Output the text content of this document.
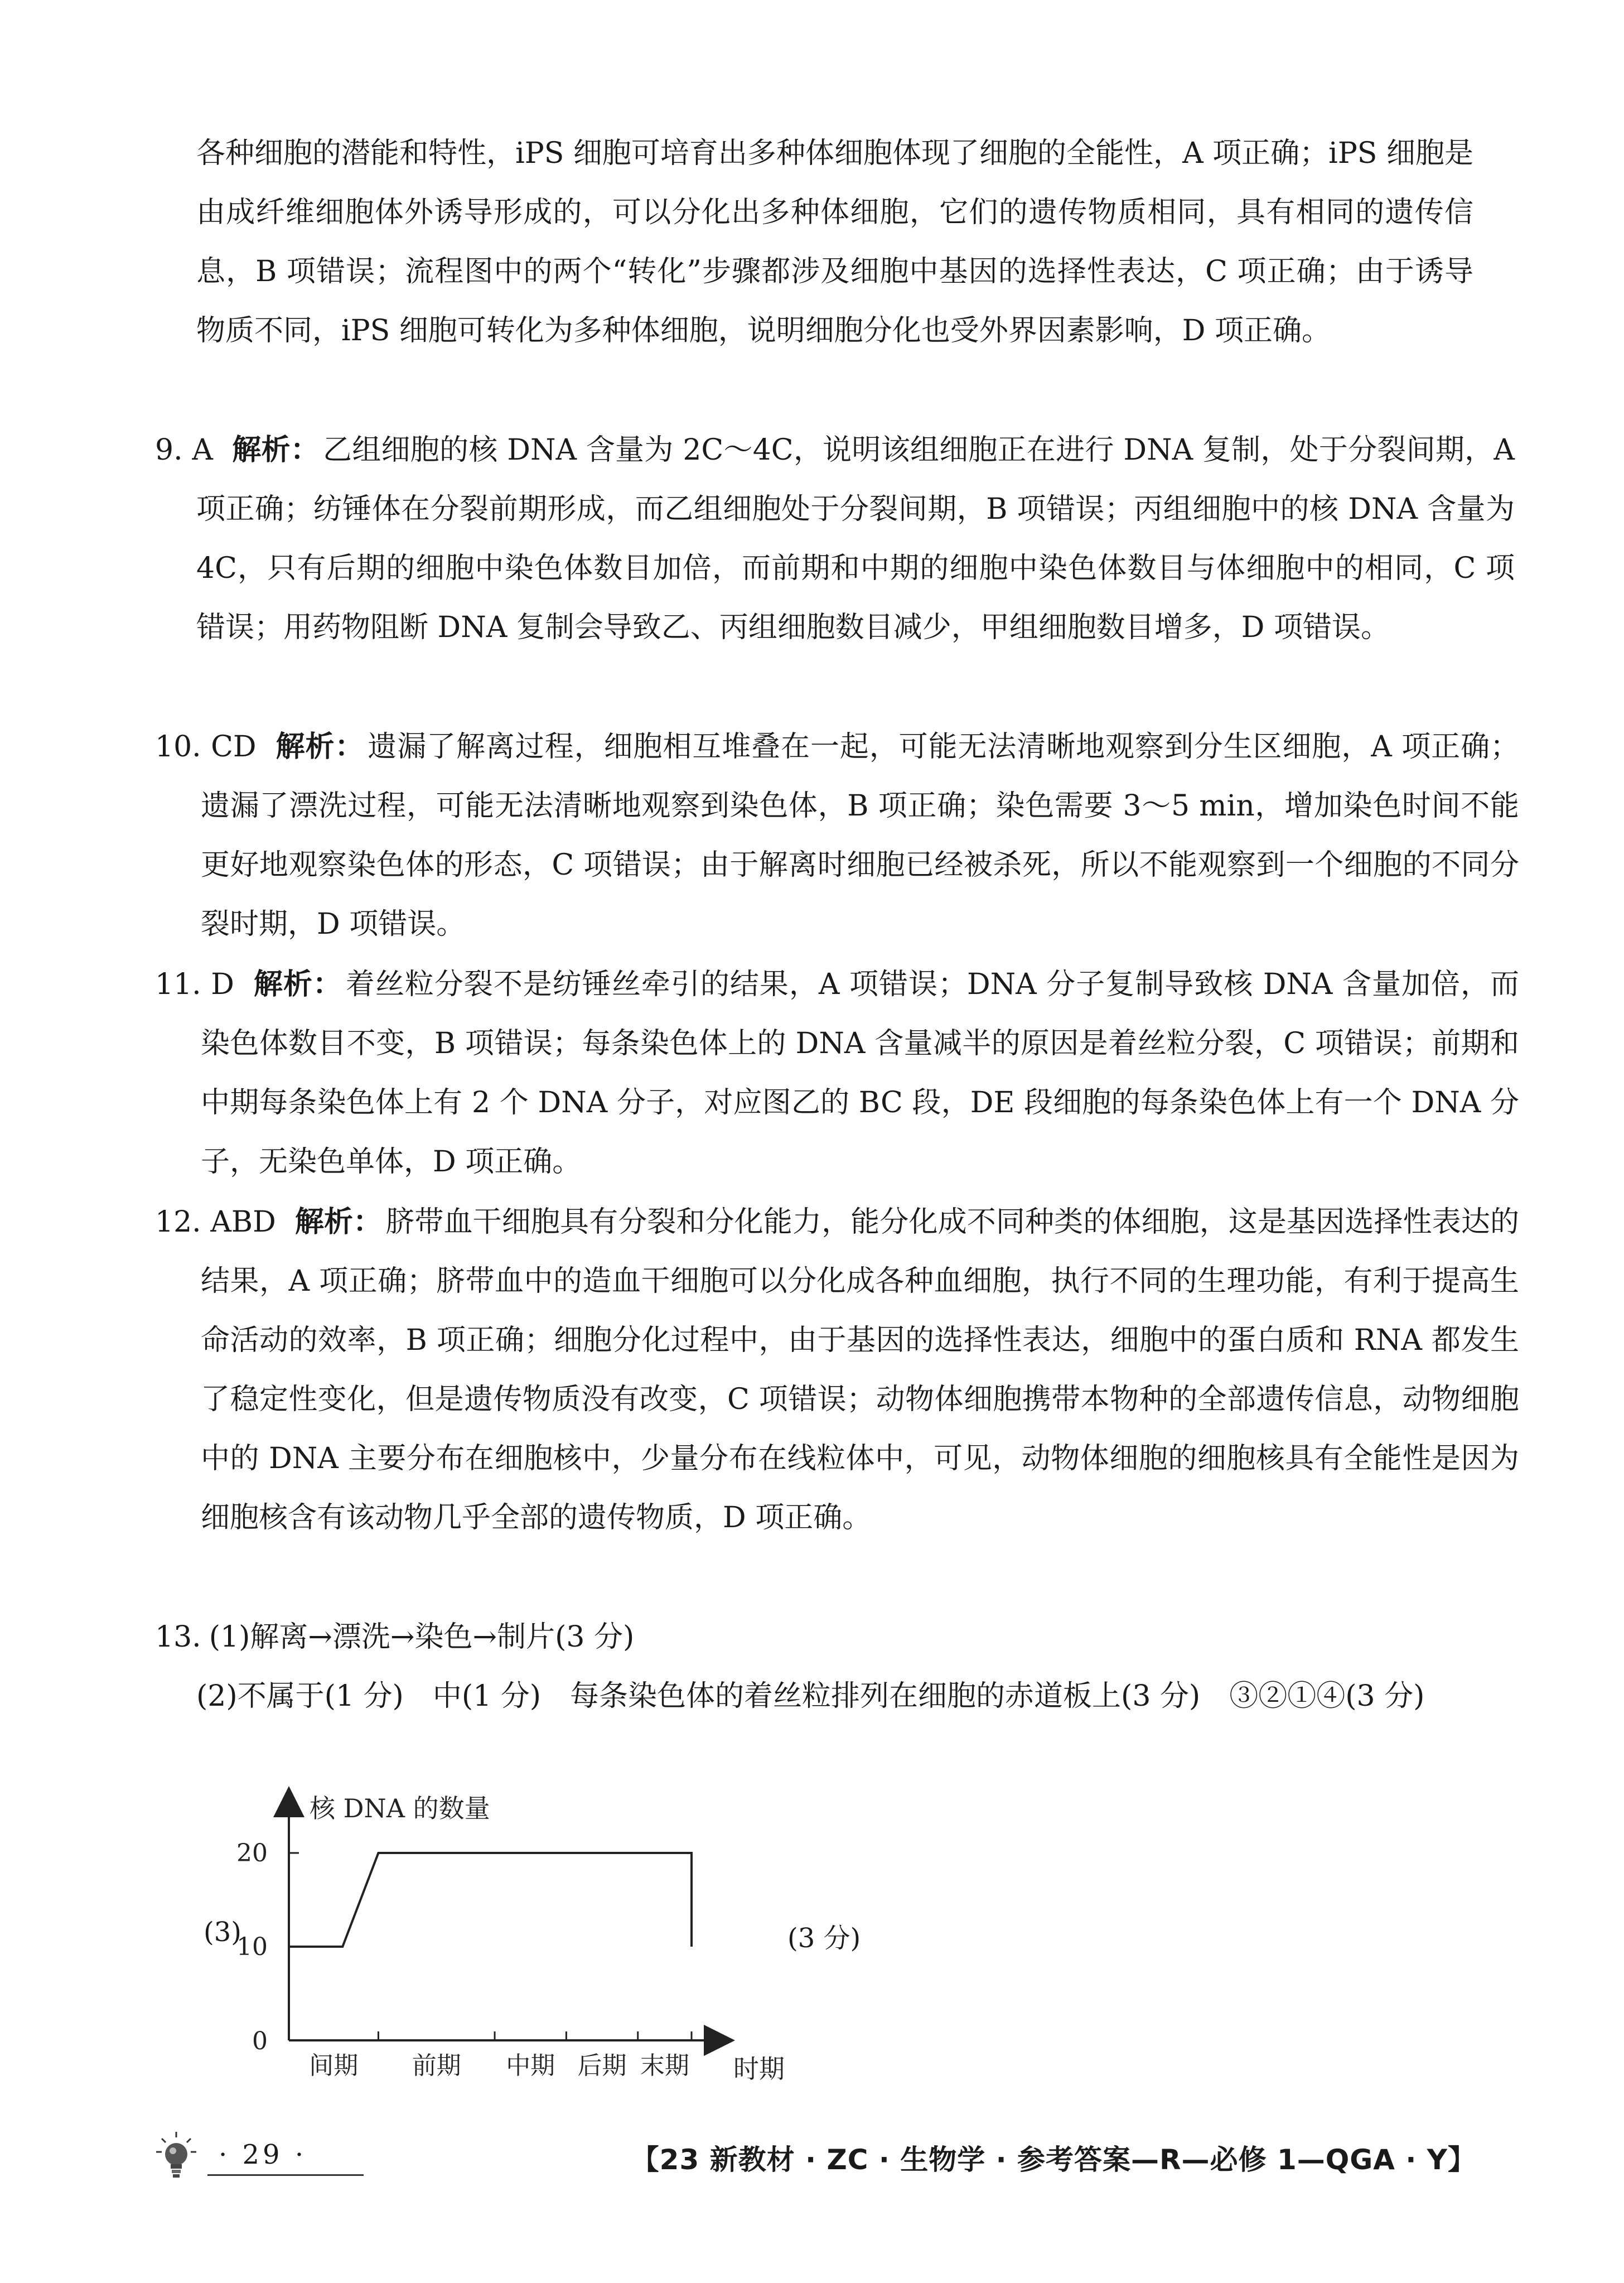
各种细胞的潜能和特性，iPS 细胞可培育出多种体细胞体现了细胞的全能性，A 项正确；iPS 细胞是由成纤维细胞体外诱导形成的，可以分化出多种体细胞，它们的遗传物质相同，具有相同的遗传信息，B 项错误；流程图中的两个“转化”步骤都涉及细胞中基因的选择性表达，C 项正确；由于诱导物质不同，iPS 细胞可转化为多种体细胞，说明细胞分化也受外界因素影响，D 项正确。

9. A 解析： 乙组细胞的核 DNA 含量为 2C～4C，说明该组细胞正在进行 DNA 复制，处于分裂间期，A 项正确；纺锤体在分裂前期形成，而乙组细胞处于分裂间期，B 项错误；丙组细胞中的核 DNA 含量为 4C，只有后期的细胞中染色体数目加倍，而前期和中期的细胞中染色体数目与体细胞中的相同，C 项错误；用药物阻断 DNA 复制会导致乙、丙组细胞数目减少，甲组细胞数目增多，D 项错误。

10. CD 解析： 遗漏了解离过程，细胞相互堆叠在一起，可能无法清晰地观察到分生区细胞，A 项正确；遗漏了漂洗过程，可能无法清晰地观察到染色体，B 项正确；染色需要 3～5 min，增加染色时间不能更好地观察染色体的形态，C 项错误；由于解离时细胞已经被杀死，所以不能观察到一个细胞的不同分裂时期，D 项错误。

11. D 解析： 着丝粒分裂不是纺锤丝牵引的结果，A 项错误；DNA 分子复制导致核 DNA 含量加倍，而染色体数目不变，B 项错误；每条染色体上的 DNA 含量减半的原因是着丝粒分裂，C 项错误；前期和中期每条染色体上有 2 个 DNA 分子，对应图乙的 BC 段，DE 段细胞的每条染色体上有一个 DNA 分子，无染色单体，D 项正确。

12. ABD 解析： 脐带血干细胞具有分裂和分化能力，能分化成不同种类的体细胞，这是基因选择性表达的结果，A 项正确；脐带血中的造血干细胞可以分化成各种血细胞，执行不同的生理功能，有利于提高生命活动的效率，B 项正确；细胞分化过程中，由于基因的选择性表达，细胞中的蛋白质和 RNA 都发生了稳定性变化，但是遗传物质没有改变，C 项错误；动物体细胞携带本物种的全部遗传信息，动物细胞中的 DNA 主要分布在细胞核中，少量分布在线粒体中，可见，动物体细胞的细胞核具有全能性是因为细胞核含有该动物几乎全部的遗传物质，D 项正确。

13. (1)解离→漂洗→染色→制片(3 分)

(2)不属于(1 分)　中(1 分)　每条染色体的着丝粒排列在细胞的赤道板上(3 分)　③②①④(3 分)

(3)	(3 分)
核 DNA 的数量
时期
0
10
20
间期 前期 中期 后期 末期
· 29 ·	【23 新教材 · ZC · 生物学 · 参考答案—R—必修 1—QGA · Y】
